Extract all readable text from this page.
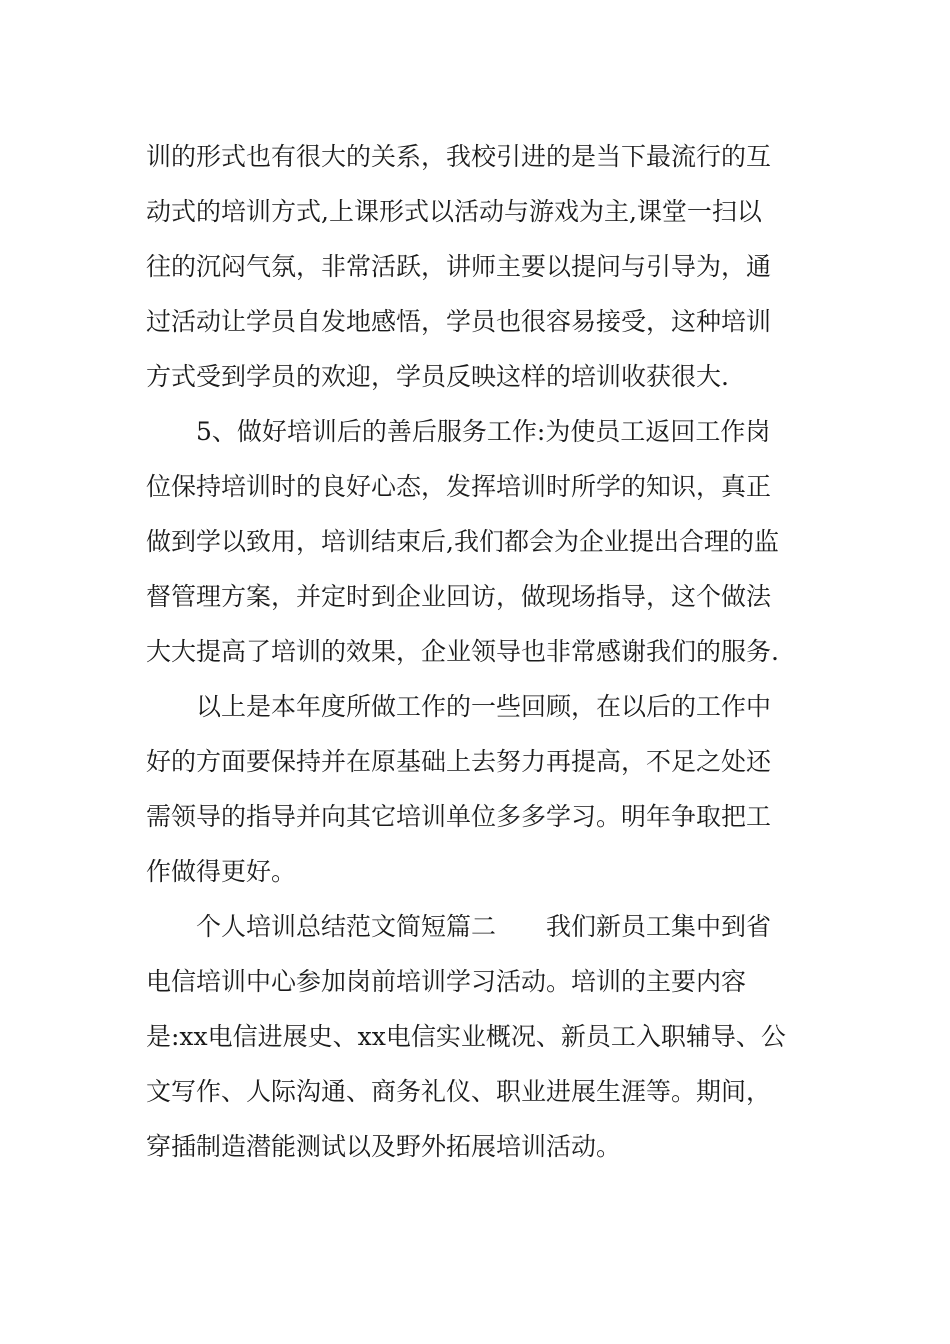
训的形式也有很大的关系，我校引进的是当下最流行的互
动式的培训方式,上课形式以活动与游戏为主,课堂一扫以
往的沉闷气氛，非常活跃，讲师主要以提问与引导为，通
过活动让学员自发地感悟，学员也很容易接受，这种培训
方式受到学员的欢迎，学员反映这样的培训收获很大.
5、做好培训后的善后服务工作:为使员工返回工作岗
位保持培训时的良好心态，发挥培训时所学的知识，真正
做到学以致用，培训结束后,我们都会为企业提出合理的监
督管理方案，并定时到企业回访，做现场指导，这个做法
大大提高了培训的效果，企业领导也非常感谢我们的服务.
以上是本年度所做工作的一些回顾，在以后的工作中
好的方面要保持并在原基础上去努力再提高，不足之处还
需领导的指导并向其它培训单位多多学习。明年争取把工
作做得更好。
个人培训总结范文简短篇二 我们新员工集中到省
电信培训中心参加岗前培训学习活动。培训的主要内容
是:xx电信进展史、xx电信实业概况、新员工入职辅导、公
文写作、人际沟通、商务礼仪、职业进展生涯等。期间，
穿插制造潜能测试以及野外拓展培训活动。
